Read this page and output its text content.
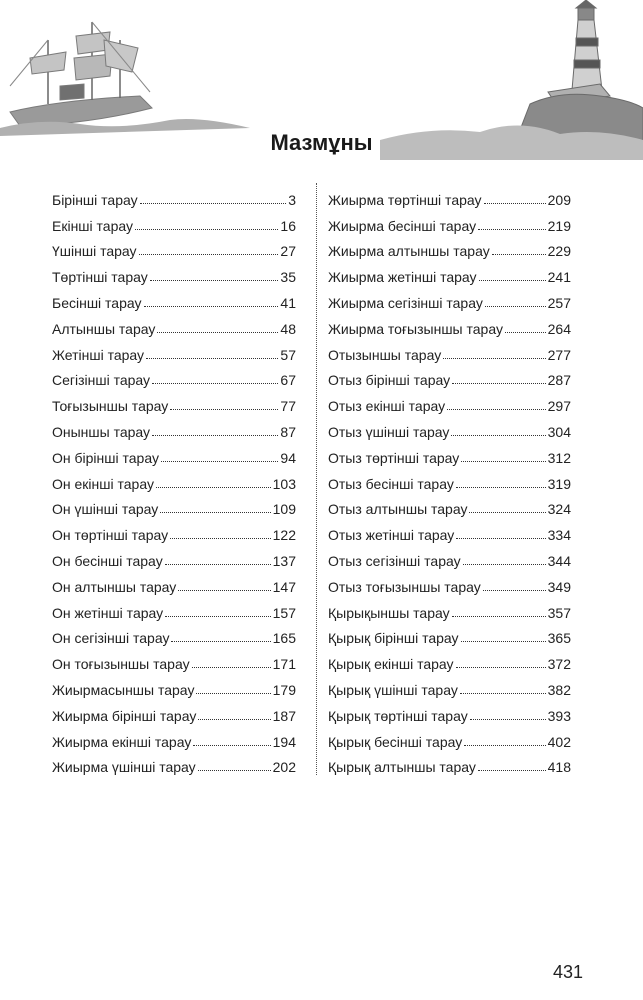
Мазмұны
Бірінші тарау	3
Екінші тарау	16
Үшінші тарау	27
Төртінші тарау	35
Бесінші тарау	41
Алтыншы тарау	48
Жетінші тарау	57
Сегізінші тарау	67
Тоғызыншы тарау	77
Оныншы тарау	87
Он бірінші тарау	94
Он екінші тарау	103
Он үшінші тарау	109
Он төртінші тарау	122
Он бесінші тарау	137
Он алтыншы тарау	147
Он жетінші тарау	157
Он сегізінші тарау	165
Он тоғызыншы тарау	171
Жиырмасыншы тарау	179
Жиырма бірінші тарау	187
Жиырма екінші тарау	194
Жиырма үшінші тарау	202
Жиырма төртінші тарау	209
Жиырма бесінші тарау	219
Жиырма алтыншы тарау	229
Жиырма жетінші тарау	241
Жиырма сегізінші тарау	257
Жиырма тоғызыншы тарау	264
Отызыншы тарау	277
Отыз бірінші тарау	287
Отыз екінші тарау	297
Отыз үшінші тарау	304
Отыз төртінші тарау	312
Отыз бесінші тарау	319
Отыз алтыншы тарау	324
Отыз жетінші тарау	334
Отыз сегізінші тарау	344
Отыз тоғызыншы тарау	349
Қырықыншы тарау	357
Қырық бірінші тарау	365
Қырық екінші тарау	372
Қырық үшінші тарау	382
Қырық төртінші тарау	393
Қырық бесінші тарау	402
Қырық алтыншы тарау	418
431
